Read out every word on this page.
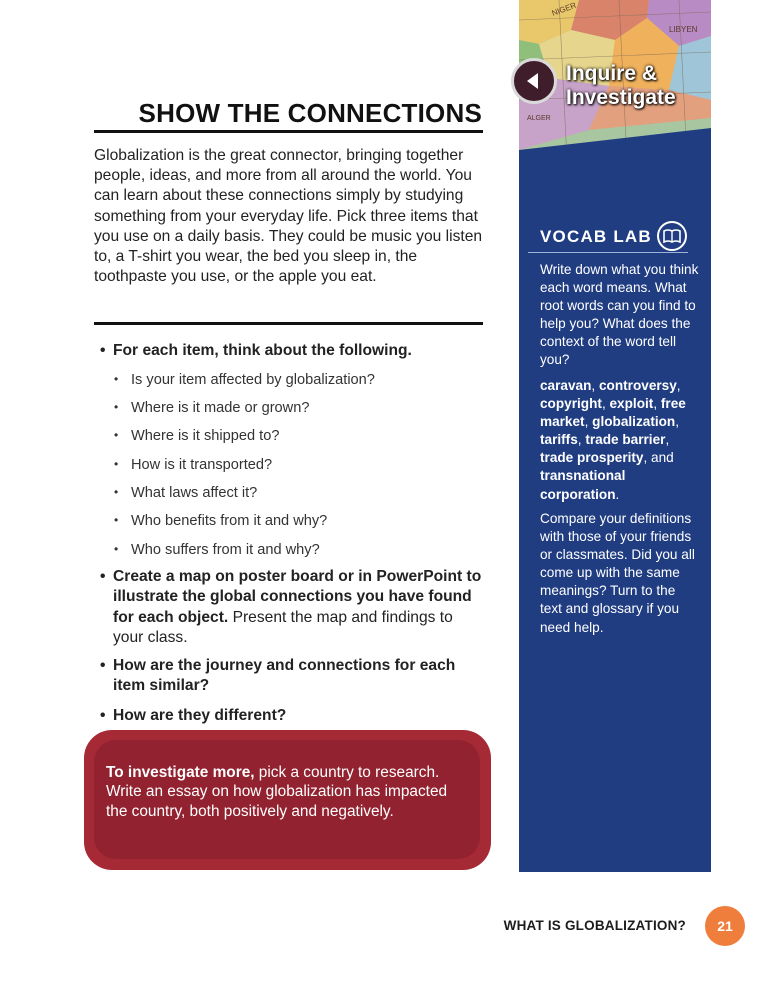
SHOW THE CONNECTIONS
Globalization is the great connector, bringing together people, ideas, and more from all around the world. You can learn about these connections simply by studying something from your everyday life. Pick three items that you use on a daily basis. They could be music you listen to, a T-shirt you wear, the bed you sleep in, the toothpaste you use, or the apple you eat.
• For each item, think about the following.
• Is your item affected by globalization?
• Where is it made or grown?
• Where is it shipped to?
• How is it transported?
• What laws affect it?
• Who benefits from it and why?
• Who suffers from it and why?
• Create a map on poster board or in PowerPoint to illustrate the global connections you have found for each object. Present the map and findings to your class.
• How are the journey and connections for each item similar?
• How are they different?
To investigate more, pick a country to research. Write an essay on how globalization has impacted the country, both positively and negatively.
NIGER
LIBYEN
ALGER
Inquire & Investigate
VOCAB LAB
Write down what you think each word means. What root words can you find to help you? What does the context of the word tell you?
caravan, controversy, copyright, exploit, free market, globalization, tariffs, trade barrier, trade prosperity, and transnational corporation.
Compare your definitions with those of your friends or classmates. Did you all come up with the same meanings? Turn to the text and glossary if you need help.
WHAT IS GLOBALIZATION?	21
